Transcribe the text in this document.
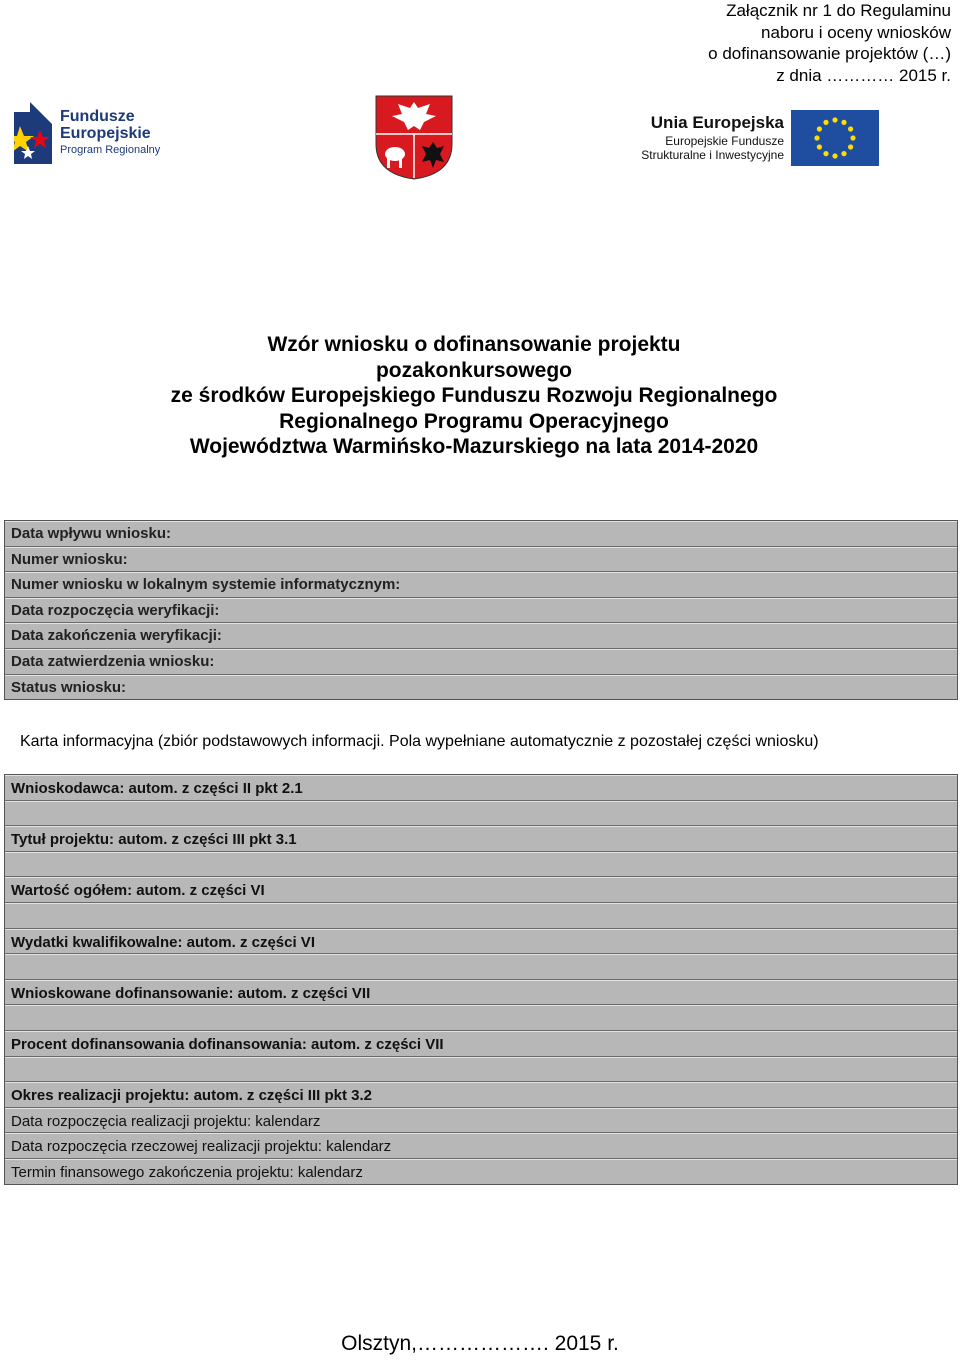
Załącznik nr 1 do Regulaminu
naboru i oceny wniosków
o dofinansowanie projektów (…)
z dnia ………… 2015 r.
Fundusze
Europejskie
Program Regionalny
Unia Europejska
Europejskie Fundusze
Strukturalne i Inwestycyjne
Wzór wniosku o dofinansowanie projektu
pozakonkursowego
ze środków Europejskiego Funduszu Rozwoju Regionalnego
Regionalnego Programu Operacyjnego
Województwa Warmińsko-Mazurskiego na lata 2014-2020
Data wpływu wniosku:
Numer wniosku:
Numer wniosku w lokalnym systemie informatycznym:
Data rozpoczęcia weryfikacji:
Data zakończenia weryfikacji:
Data zatwierdzenia wniosku:
Status wniosku:
Karta informacyjna (zbiór podstawowych informacji. Pola wypełniane automatycznie z pozostałej części wniosku)
Wnioskodawca: autom. z części II pkt 2.1
Tytuł projektu: autom. z części III pkt 3.1
Wartość ogółem: autom. z części VI
Wydatki kwalifikowalne: autom. z części VI
Wnioskowane dofinansowanie: autom. z części VII
Procent dofinansowania dofinansowania: autom. z części VII
Okres realizacji projektu: autom. z części III pkt 3.2
Data rozpoczęcia realizacji projektu: kalendarz
Data rozpoczęcia rzeczowej realizacji projektu: kalendarz
Termin finansowego zakończenia projektu: kalendarz
Olsztyn,………………. 2015 r.
